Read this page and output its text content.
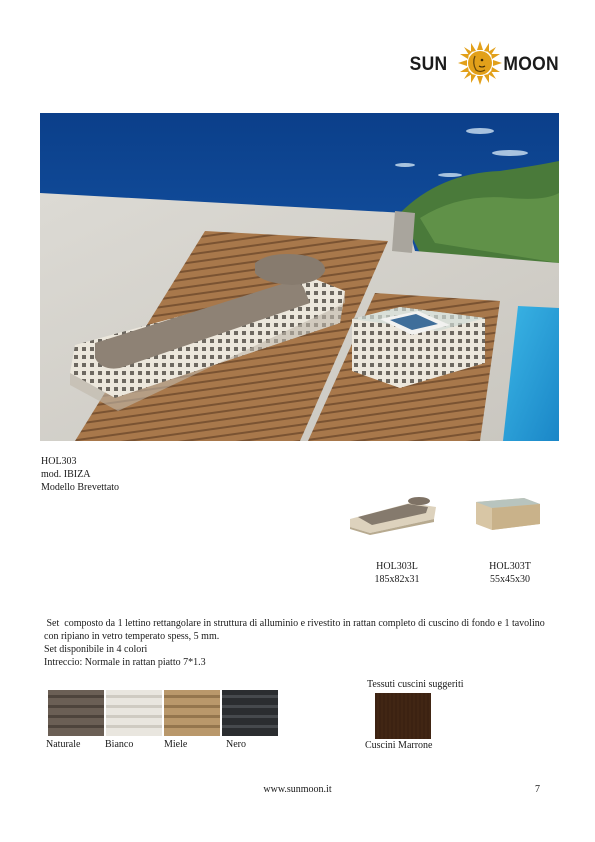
SUN	MOON
HOL303
mod. IBIZA
Modello Brevettato
HOL303L
185x82x31
HOL303T
55x45x30

Set  composto da 1 lettino rettangolare in struttura di alluminio e rivestito in rattan completo di cuscino di fondo e 1 tavolino con ripiano in vetro temperato spess, 5 mm.

Set disponibile in 4 colori

Intreccio: Normale in rattan piatto 7*1.3

Naturale Bianco	Miele	Nero
Tessuti cuscini suggeriti
Cuscini Marrone
www.sunmoon.it	7
